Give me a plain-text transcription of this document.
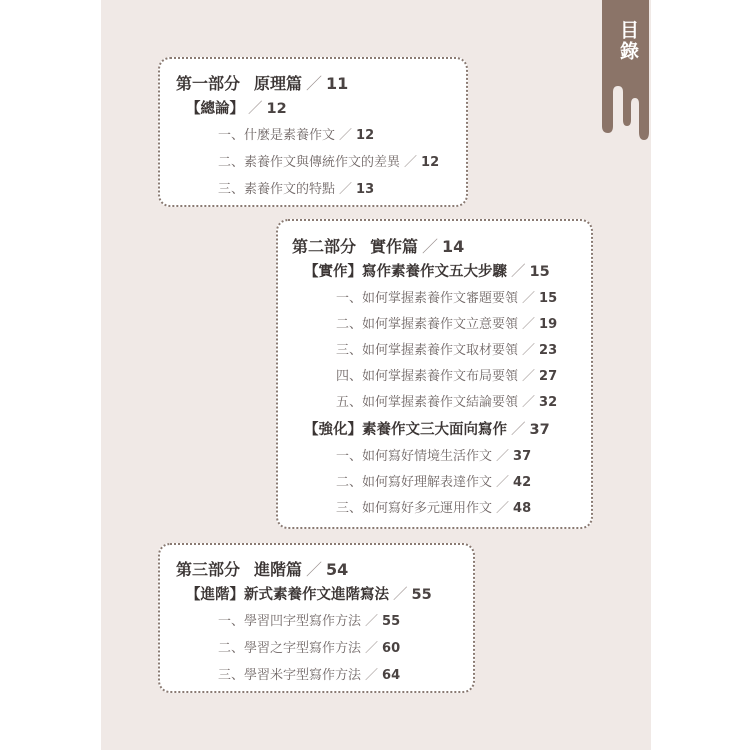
目錄
第一部分 原理篇 ／ 11
【總論】 ／ 12
一、什麼是素養作文 ／ 12
二、素養作文與傳統作文的差異 ／ 12
三、素養作文的特點 ／ 13
第二部分 實作篇 ／ 14
【實作】寫作素養作文五大步驟 ／ 15
一、如何掌握素養作文審題要領 ／ 15
二、如何掌握素養作文立意要領 ／ 19
三、如何掌握素養作文取材要領 ／ 23
四、如何掌握素養作文布局要領 ／ 27
五、如何掌握素養作文結論要領 ／ 32
【強化】素養作文三大面向寫作 ／ 37
一、如何寫好情境生活作文 ／ 37
二、如何寫好理解表達作文 ／ 42
三、如何寫好多元運用作文 ／ 48
第三部分 進階篇 ／ 54
【進階】新式素養作文進階寫法 ／ 55
一、學習凹字型寫作方法 ／ 55
二、學習之字型寫作方法 ／ 60
三、學習米字型寫作方法 ／ 64
